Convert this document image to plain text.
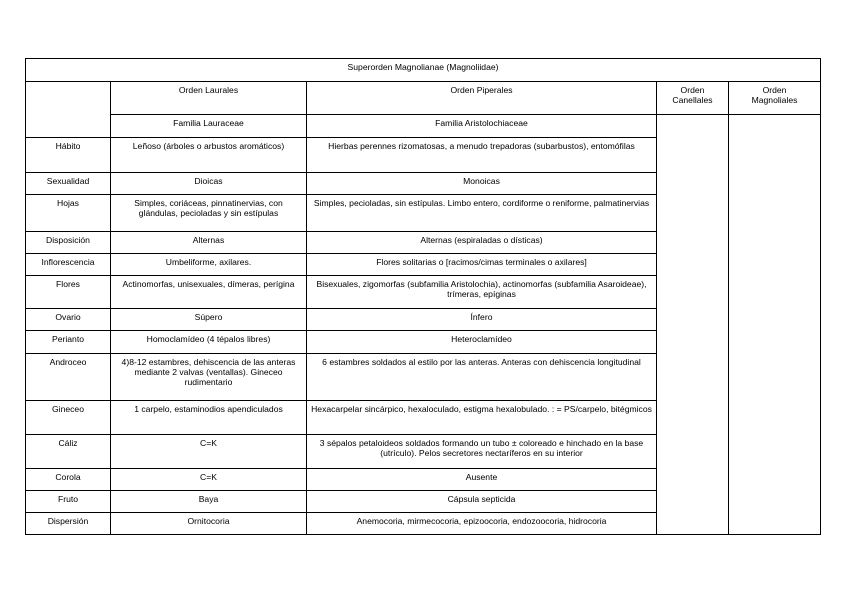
Superorden Magnolianae (Magnoliidae)				
	Orden Laurales	Orden Piperales	Orden Canellales	Orden Magnoliales
	Familia Lauraceae	Familia Aristolochiaceae		
Hábito	Leñoso (árboles o arbustos aromáticos)	Hierbas perennes rizomatosas, a menudo trepadoras (subarbustos), entomófilas		
Sexualidad	Dioicas	Monoicas		
Hojas	Simples, coriáceas, pinnatinervias, con glándulas, pecioladas y sin estípulas	Simples, pecioladas, sin estípulas. Limbo entero, cordiforme o reniforme, palmatinervias		
Disposición	Alternas	Alternas (espiraladas o dísticas)		
Inflorescencia	Umbeliforme, axilares.	Flores solitarias o [racimos/cimas terminales o axilares]		
Flores	Actinomorfas, unisexuales, dímeras, perígina	Bisexuales, zigomorfas (subfamilia Aristolochia), actinomorfas (subfamilia Asaroideae), trímeras, epíginas		
Ovario	Súpero	Ínfero		
Perianto	Homoclamídeo (4 tépalos libres)	Heteroclamídeo		
Androceo	4)8-12 estambres, dehiscencia de las anteras mediante 2 valvas (ventallas). Gineceo rudimentario	6 estambres soldados al estilo por las anteras. Anteras con dehiscencia longitudinal		
Gineceo	1 carpelo, estaminodios apendiculados	Hexacarpelar sincárpico, hexaloculado, estigma hexalobulado. : = PS/carpelo, bitégmicos		
Cáliz	C=K	3 sépalos petaloideos soldados formando un tubo ± coloreado e hinchado en la base (utrículo). Pelos secretores nectaríferos en su interior		
Corola	C=K	Ausente		
Fruto	Baya	Cápsula septicida		
Dispersión	Ornitocoria	Anemocoria, mirmecocoria, epizoocoria, endozoocoria, hidrocoria		
